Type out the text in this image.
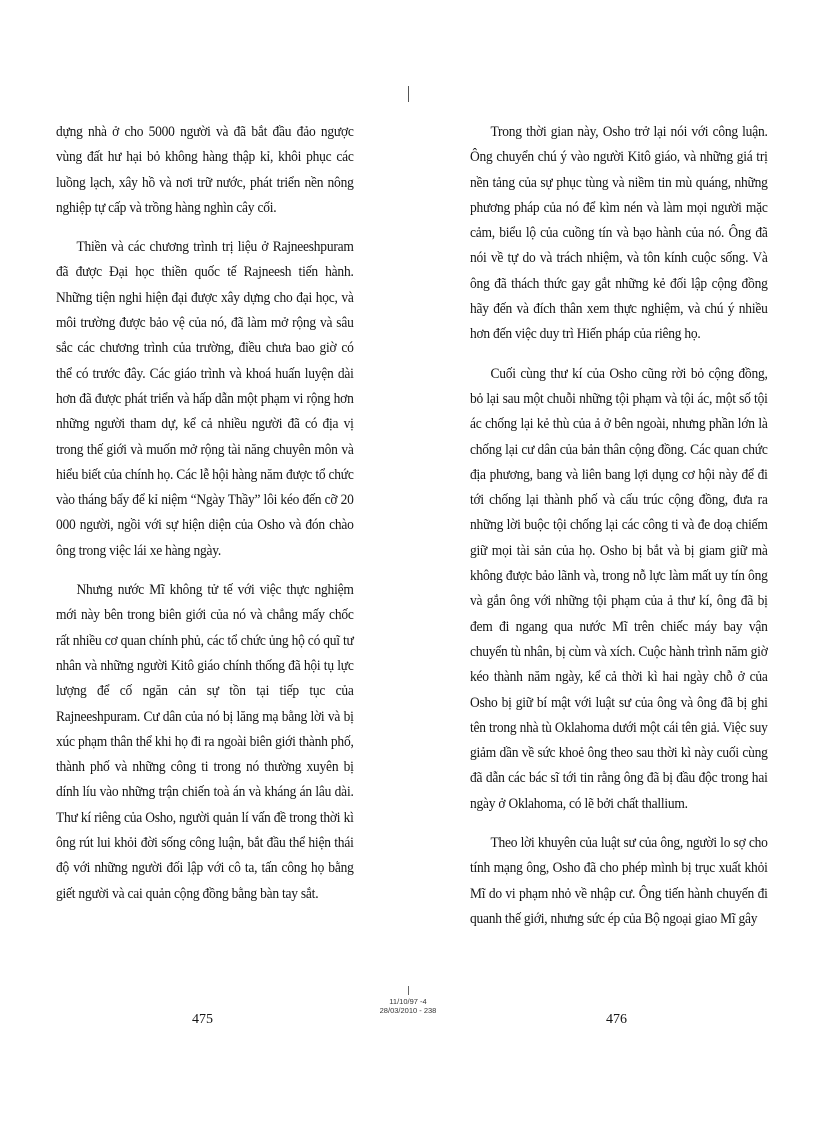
dựng nhà ở cho 5000 người và đã bắt đầu đảo ngược vùng đất hư hại bỏ không hàng thập kỉ, khôi phục các luồng lạch, xây hồ và nơi trữ nước, phát triển nền nông nghiệp tự cấp và trồng hàng nghìn cây cối.

Thiền và các chương trình trị liệu ở Rajneeshpuram đã được Đại học thiền quốc tế Rajneesh tiến hành. Những tiện nghi hiện đại được xây dựng cho đại học, và môi trường được bảo vệ của nó, đã làm mở rộng và sâu sắc các chương trình của trường, điều chưa bao giờ có thể có trước đây. Các giáo trình và khoá huấn luyện dài hơn đã được phát triển và hấp dẫn một phạm vi rộng hơn những người tham dự, kể cả nhiều người đã có địa vị trong thế giới và muốn mở rộng tài năng chuyên môn và hiểu biết của chính họ. Các lễ hội hàng năm được tổ chức vào tháng bẩy để kỉ niệm “Ngày Thầy” lôi kéo đến cỡ 20 000 người, ngồi với sự hiện diện của Osho và đón chào ông trong việc lái xe hàng ngày.

Nhưng nước Mĩ không tử tế với việc thực nghiệm mới này bên trong biên giới của nó và chẳng mấy chốc rất nhiều cơ quan chính phủ, các tổ chức ủng hộ có quĩ tư nhân và những người Kitô giáo chính thống đã hội tụ lực lượng để cố ngăn cản sự tồn tại tiếp tục của Rajneeshpuram. Cư dân của nó bị lăng mạ bằng lời và bị xúc phạm thân thể khi họ đi ra ngoài biên giới thành phố, thành phố và những công ti trong nó thường xuyên bị dính líu vào những trận chiến toà án và kháng án lâu dài. Thư kí riêng của Osho, người quản lí vấn đề trong thời kì ông rút lui khỏi đời sống công luận, bắt đầu thể hiện thái độ với những người đối lập với cô ta, tấn công họ bằng giết người và cai quản cộng đồng bằng bàn tay sắt.

Trong thời gian này, Osho trở lại nói với công luận. Ông chuyển chú ý vào người Kitô giáo, và những giá trị nền tảng của sự phục tùng và niềm tin mù quáng, những phương pháp của nó để kìm nén và làm mọi người mặc cảm, biểu lộ của cuồng tín và bạo hành của nó. Ông đã nói về tự do và trách nhiệm, và tôn kính cuộc sống. Và ông đã thách thức gay gắt những kẻ đối lập cộng đồng hãy đến và đích thân xem thực nghiệm, và chú ý nhiều hơn đến việc duy trì Hiến pháp của riêng họ.

Cuối cùng thư kí của Osho cũng rời bỏ cộng đồng, bỏ lại sau một chuỗi những tội phạm và tội ác, một số tội ác chống lại kẻ thù của ả ở bên ngoài, nhưng phần lớn là chống lại cư dân của bản thân cộng đồng. Các quan chức địa phương, bang và liên bang lợi dụng cơ hội này để đi tới chống lại thành phố và cấu trúc cộng đồng, đưa ra những lời buộc tội chống lại các công ti và đe doạ chiếm giữ mọi tài sản của họ. Osho bị bắt và bị giam giữ mà không được bảo lãnh và, trong nỗ lực làm mất uy tín ông và gắn ông với những tội phạm của ả thư kí, ông đã bị đem đi ngang qua nước Mĩ trên chiếc máy bay vận chuyển tù nhân, bị cùm và xích. Cuộc hành trình năm giờ kéo thành năm ngày, kể cả thời kì hai ngày chỗ ở của Osho bị giữ bí mật với luật sư của ông và ông đã bị ghi tên trong nhà tù Oklahoma dưới một cái tên giả. Việc suy giảm dần về sức khoẻ ông theo sau thời kì này cuối cùng đã dẫn các bác sĩ tới tin rằng ông đã bị đầu độc trong hai ngày ở Oklahoma, có lẽ bởi chất thallium.

Theo lời khuyên của luật sư của ông, người lo sợ cho tính mạng ông, Osho đã cho phép mình bị trục xuất khỏi Mĩ do vi phạm nhỏ về nhập cư. Ông tiến hành chuyến đi quanh thế giới, nhưng sức ép của Bộ ngoại giao Mĩ gây

11/10/97 -4
28/03/2010 - 238
475	476
